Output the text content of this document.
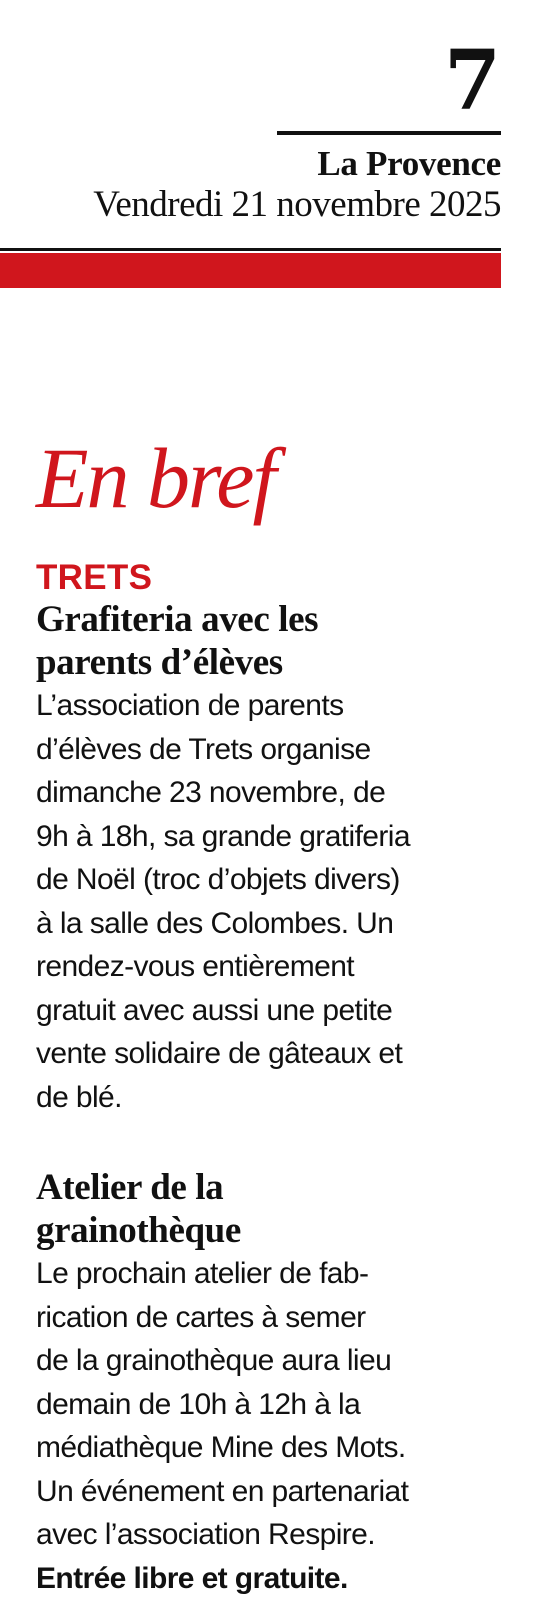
7
La Provence
Vendredi 21 novembre 2025
En bref
TRETS
Grafiteria avec les
parents d’élèves

L’association de parents
d’élèves de Trets organise
dimanche 23 novembre, de
9h à 18h, sa grande gratiferia
de Noël (troc d’objets divers)
à la salle des Colombes. Un
rendez-vous entièrement
gratuit avec aussi une petite
vente solidaire de gâteaux et
de blé.

Atelier de la
grainothèque

Le prochain atelier de fab-
rication de cartes à semer
de la grainothèque aura lieu
demain de 10h à 12h à la
médiathèque Mine des Mots.
Un événement en partenariat
avec l’association Respire.
Entrée libre et gratuite.
